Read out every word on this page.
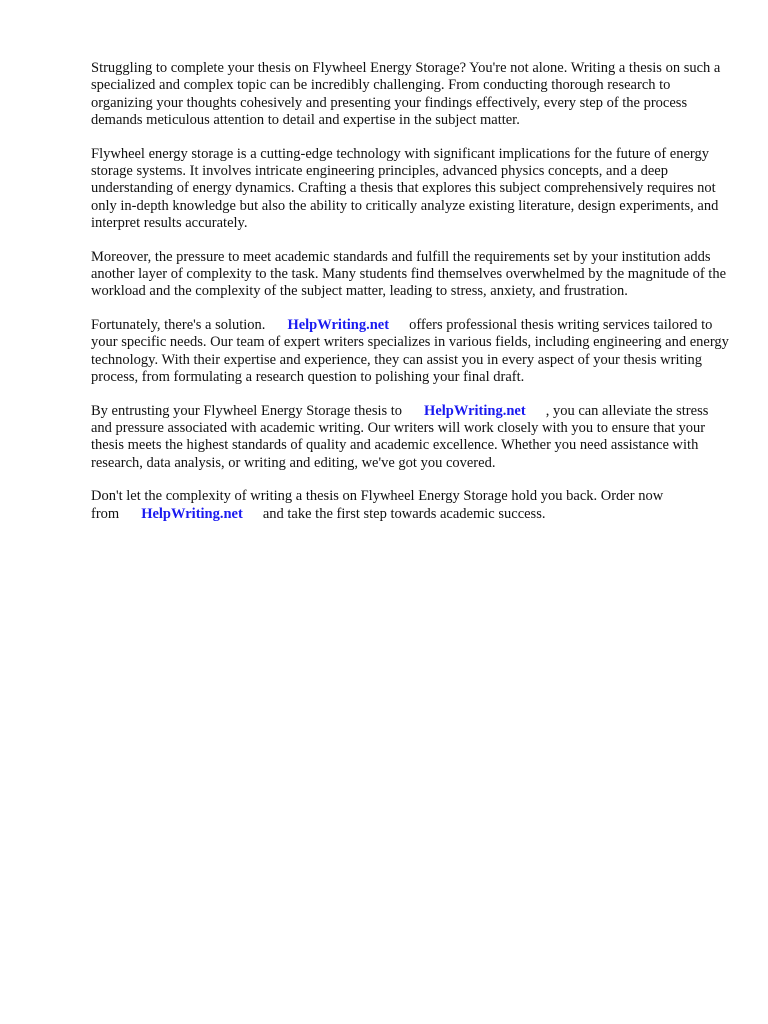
Struggling to complete your thesis on Flywheel Energy Storage? You're not alone. Writing a thesis on such a specialized and complex topic can be incredibly challenging. From conducting thorough research to organizing your thoughts cohesively and presenting your findings effectively, every step of the process demands meticulous attention to detail and expertise in the subject matter.

Flywheel energy storage is a cutting-edge technology with significant implications for the future of energy storage systems. It involves intricate engineering principles, advanced physics concepts, and a deep understanding of energy dynamics. Crafting a thesis that explores this subject comprehensively requires not only in-depth knowledge but also the ability to critically analyze existing literature, design experiments, and interpret results accurately.

Moreover, the pressure to meet academic standards and fulfill the requirements set by your institution adds another layer of complexity to the task. Many students find themselves overwhelmed by the magnitude of the workload and the complexity of the subject matter, leading to stress, anxiety, and frustration.

Fortunately, there's a solution. HelpWriting.net offers professional thesis writing services tailored to your specific needs. Our team of expert writers specializes in various fields, including engineering and energy technology. With their expertise and experience, they can assist you in every aspect of your thesis writing process, from formulating a research question to polishing your final draft.

By entrusting your Flywheel Energy Storage thesis to HelpWriting.net , you can alleviate the stress and pressure associated with academic writing. Our writers will work closely with you to ensure that your thesis meets the highest standards of quality and academic excellence. Whether you need assistance with research, data analysis, or writing and editing, we've got you covered.

Don't let the complexity of writing a thesis on Flywheel Energy Storage hold you back. Order now from HelpWriting.net and take the first step towards academic success.
